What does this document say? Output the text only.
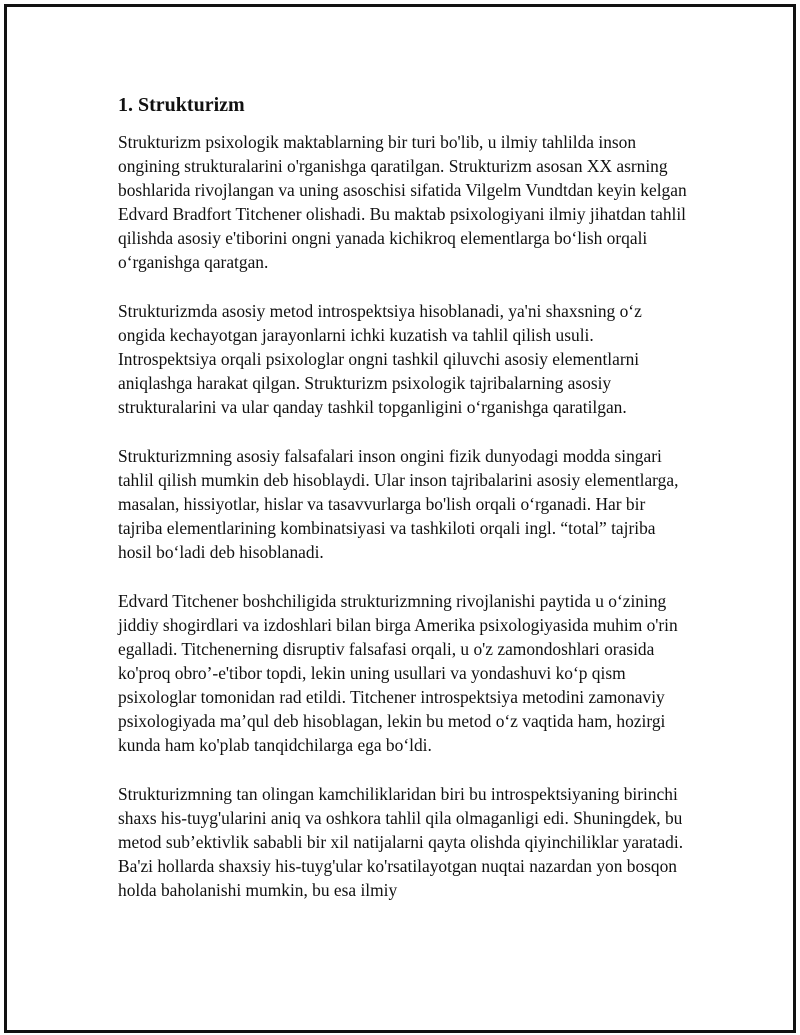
1. Strukturizm

Strukturizm psixologik maktablarning bir turi bo'lib, u ilmiy tahlilda inson ongining strukturalarini o'rganishga qaratilgan. Strukturizm asosan XX asrning boshlarida rivojlangan va uning asoschisi sifatida Vilgelm Vundtdan keyin kelgan Edvard Bradfort Titchener olishadi. Bu maktab psixologiyani ilmiy jihatdan tahlil qilishda asosiy e'tiborini ongni yanada kichikroq elementlarga bo‘lish orqali o‘rganishga qaratgan.

Strukturizmda asosiy metod introspektsiya hisoblanadi, ya'ni shaxsning o‘z ongida kechayotgan jarayonlarni ichki kuzatish va tahlil qilish usuli. Introspektsiya orqali psixologlar ongni tashkil qiluvchi asosiy elementlarni aniqlashga harakat qilgan. Strukturizm psixologik tajribalarning asosiy strukturalarini va ular qanday tashkil topganligini o‘rganishga qaratilgan.

Strukturizmning asosiy falsafalari inson ongini fizik dunyodagi modda singari tahlil qilish mumkin deb hisoblaydi. Ular inson tajribalarini asosiy elementlarga, masalan, hissiyotlar, hislar va tasavvurlarga bo'lish orqali o‘rganadi. Har bir tajriba elementlarining kombinatsiyasi va tashkiloti orqali ingl. “total” tajriba hosil bo‘ladi deb hisoblanadi.

Edvard Titchener boshchiligida strukturizmning rivojlanishi paytida u o‘zining jiddiy shogirdlari va izdoshlari bilan birga Amerika psixologiyasida muhim o'rin egalladi. Titchenerning disruptiv falsafasi orqali, u o'z zamondoshlari orasida ko'proq obro’-e'tibor topdi, lekin uning usullari va yondashuvi ko‘p qism psixologlar tomonidan rad etildi. Titchener introspektsiya metodini zamonaviy psixologiyada ma’qul deb hisoblagan, lekin bu metod o‘z vaqtida ham, hozirgi kunda ham ko'plab tanqidchilarga ega bo‘ldi.

Strukturizmning tan olingan kamchiliklaridan biri bu introspektsiyaning birinchi shaxs his-tuyg'ularini aniq va oshkora tahlil qila olmaganligi edi. Shuningdek, bu metod sub’ektivlik sababli bir xil natijalarni qayta olishda qiyinchiliklar yaratadi. Ba'zi hollarda shaxsiy his-tuyg'ular ko'rsatilayotgan nuqtai nazardan yon bosqon holda baholanishi mumkin, bu esa ilmiy
